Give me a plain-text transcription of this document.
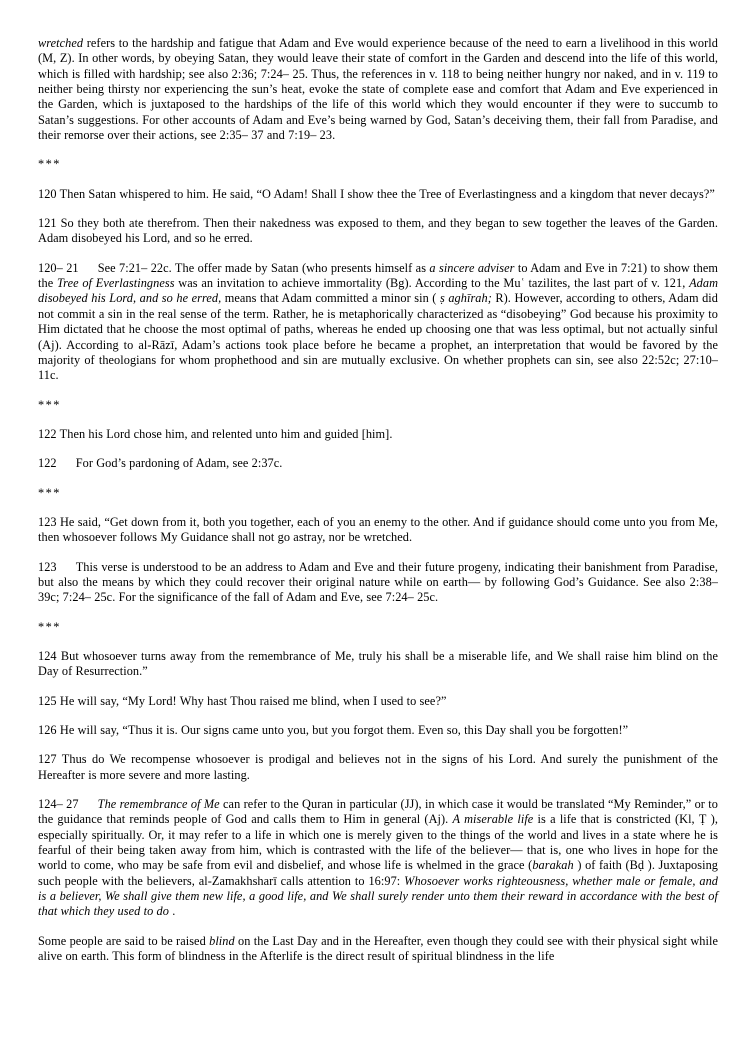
wretched refers to the hardship and fatigue that Adam and Eve would experience because of the need to earn a livelihood in this world (M, Z). In other words, by obeying Satan, they would leave their state of comfort in the Garden and descend into the life of this world, which is filled with hardship; see also 2:36; 7:24– 25. Thus, the references in v. 118 to being neither hungry nor naked, and in v. 119 to neither being thirsty nor experiencing the sun’s heat, evoke the state of complete ease and comfort that Adam and Eve experienced in the Garden, which is juxtaposed to the hardships of the life of this world which they would encounter if they were to succumb to Satan’s suggestions. For other accounts of Adam and Eve’s being warned by God, Satan’s deceiving them, their fall from Paradise, and their remorse over their actions, see 2:35– 37 and 7:19– 23.

***

120 Then Satan whispered to him. He said, “O Adam! Shall I show thee the Tree of Everlastingness and a kingdom that never decays?”

121 So they both ate therefrom. Then their nakedness was exposed to them, and they began to sew together the leaves of the Garden. Adam disobeyed his Lord, and so he erred.

120– 21 See 7:21– 22c. The offer made by Satan (who presents himself as a sincere adviser to Adam and Eve in 7:21) to show them the Tree of Everlastingness was an invitation to achieve immortality (Bg). According to the Muʿ tazilites, the last part of v. 121, Adam disobeyed his Lord, and so he erred, means that Adam committed a minor sin ( ṣ aghīrah; R). However, according to others, Adam did not commit a sin in the real sense of the term. Rather, he is metaphorically characterized as “disobeying” God because his proximity to Him dictated that he choose the most optimal of paths, whereas he ended up choosing one that was less optimal, but not actually sinful (Aj). According to al-Rāzī, Adam’s actions took place before he became a prophet, an interpretation that would be favored by the majority of theologians for whom prophethood and sin are mutually exclusive. On whether prophets can sin, see also 22:52c; 27:10– 11c.

***

122 Then his Lord chose him, and relented unto him and guided [him].

122 For God’s pardoning of Adam, see 2:37c.

***

123 He said, “Get down from it, both you together, each of you an enemy to the other. And if guidance should come unto you from Me, then whosoever follows My Guidance shall not go astray, nor be wretched.

123 This verse is understood to be an address to Adam and Eve and their future progeny, indicating their banishment from Paradise, but also the means by which they could recover their original nature while on earth— by following God’s Guidance. See also 2:38– 39c; 7:24– 25c. For the significance of the fall of Adam and Eve, see 7:24– 25c.

***

124 But whosoever turns away from the remembrance of Me, truly his shall be a miserable life, and We shall raise him blind on the Day of Resurrection.”

125 He will say, “My Lord! Why hast Thou raised me blind, when I used to see?”

126 He will say, “Thus it is. Our signs came unto you, but you forgot them. Even so, this Day shall you be forgotten!”

127 Thus do We recompense whosoever is prodigal and believes not in the signs of his Lord. And surely the punishment of the Hereafter is more severe and more lasting.

124– 27 The remembrance of Me can refer to the Quran in particular (JJ), in which case it would be translated “My Reminder,” or to the guidance that reminds people of God and calls them to Him in general (Aj). A miserable life is a life that is constricted (Kl, Ṭ ), especially spiritually. Or, it may refer to a life in which one is merely given to the things of the world and lives in a state where he is fearful of their being taken away from him, which is contrasted with the life of the believer— that is, one who lives in hope for the world to come, who may be safe from evil and disbelief, and whose life is whelmed in the grace (barakah ) of faith (Bḍ ). Juxtaposing such people with the believers, al-Zamakhsharī calls attention to 16:97: Whosoever works righteousness, whether male or female, and is a believer, We shall give them new life, a good life, and We shall surely render unto them their reward in accordance with the best of that which they used to do .

Some people are said to be raised blind on the Last Day and in the Hereafter, even though they could see with their physical sight while alive on earth. This form of blindness in the Afterlife is the direct result of spiritual blindness in the life
